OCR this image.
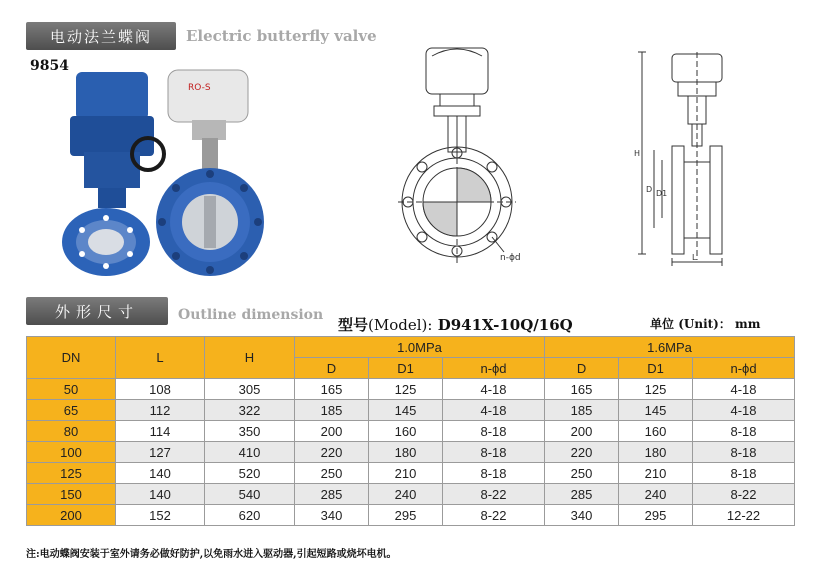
电动法兰蝶阀 Electric butterfly valve
RO-S
9854
n-ϕd
H
D D1
L
外形尺寸	Outline dimension
型号(Model): D941X-10Q/16Q	单位 (Unit)： mm
DN	L	H	1.0MPa			1.6MPa		
			D	D1	n-ϕd	D	D1	n-ϕd
50	108	305	165	125	4-18	165	125	4-18
65	112	322	185	145	4-18	185	145	4-18
80	114	350	200	160	8-18	200	160	8-18
100	127	410	220	180	8-18	220	180	8-18
125	140	520	250	210	8-18	250	210	8-18
150	140	540	285	240	8-22	285	240	8-22
200	152	620	340	295	8-22	340	295	12-22
注:电动蝶阀安装于室外请务必做好防护,以免雨水进入驱动器,引起短路或烧坏电机。
